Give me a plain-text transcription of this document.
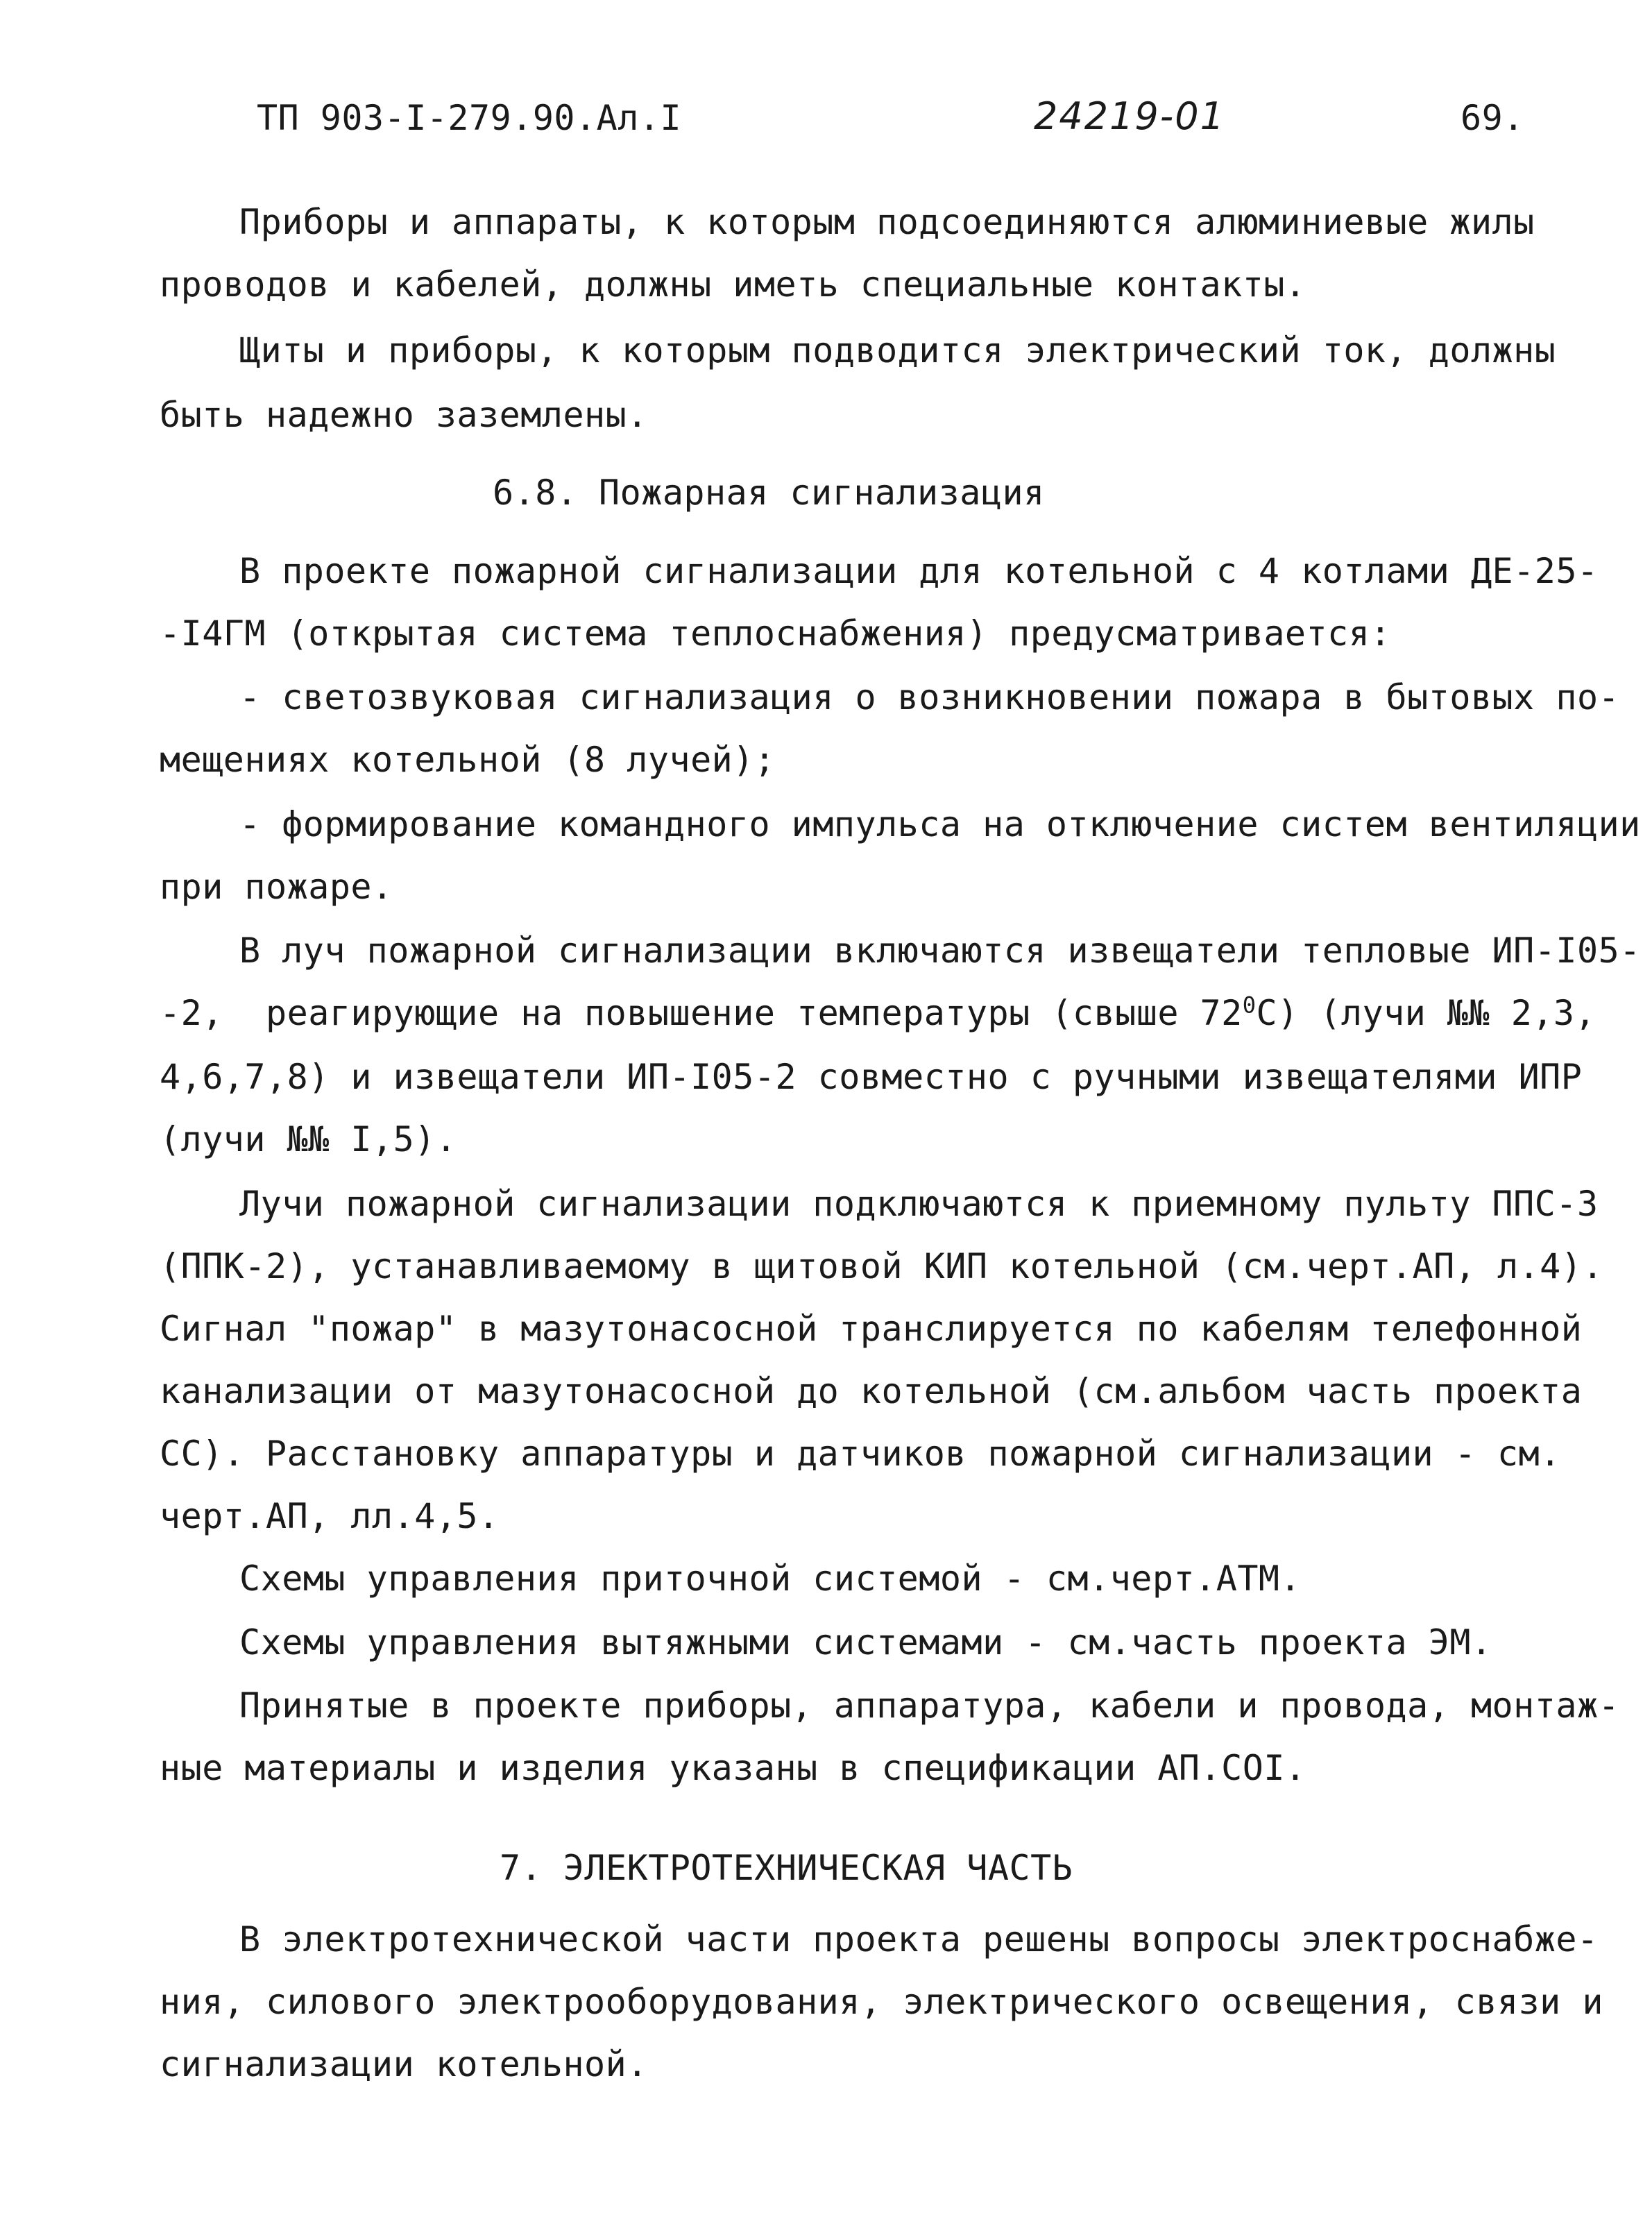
ТП 903-I-279.90.Ал.I	24219-01	69.
Приборы и аппараты, к которым подсоединяются алюминиевые жилы
проводов и кабелей, должны иметь специальные контакты.
Щиты и приборы, к которым подводится электрический ток, должны
быть надежно заземлены.
6.8. Пожарная сигнализация
В проекте пожарной сигнализации для котельной с 4 котлами ДЕ-25-
-I4ГМ (открытая система теплоснабжения) предусматривается:
- светозвуковая сигнализация о возникновении пожара в бытовых по-
мещениях котельной (8 лучей);
- формирование командного импульса на отключение систем вентиляции
при пожаре.
В луч пожарной сигнализации включаются извещатели тепловые ИП-I05-
-2,  реагирующие на повышение температуры (свыше $72^0С$) (лучи №№ 2,3,
4,6,7,8) и извещатели ИП-I05-2 совместно с ручными извещателями ИПР
(лучи №№ I,5).
Лучи пожарной сигнализации подключаются к приемному пульту ППС-3
(ППК-2), устанавливаемому в щитовой КИП котельной (см.черт.АП, л.4).
Сигнал "пожар" в мазутонасосной транслируется по кабелям телефонной
канализации от мазутонасосной до котельной (см.альбом часть проекта
СС). Расстановку аппаратуры и датчиков пожарной сигнализации - см.
черт.АП, лл.4,5.
Схемы управления приточной системой - см.черт.АТМ.
Схемы управления вытяжными системами - см.часть проекта ЭМ.
Принятые в проекте приборы, аппаратура, кабели и провода, монтаж-
ные материалы и изделия указаны в спецификации АП.СОI.
7. ЭЛЕКТРОТЕХНИЧЕСКАЯ ЧАСТЬ
В электротехнической части проекта решены вопросы электроснабже-
ния, силового электрооборудования, электрического освещения, связи и
сигнализации котельной.
